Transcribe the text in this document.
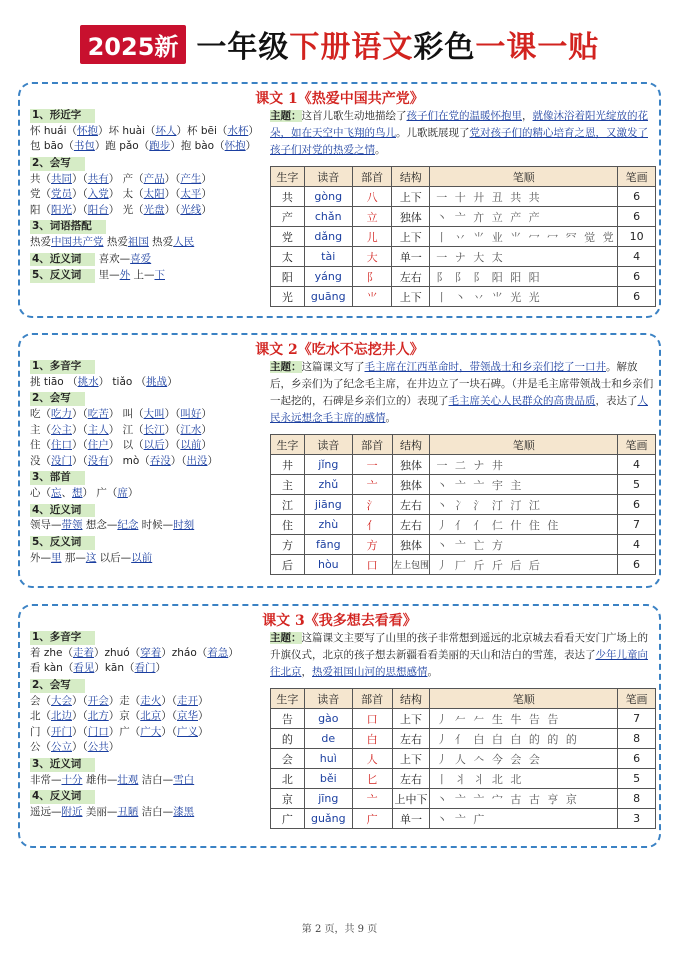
2025新 一年级下册语文彩色一课一贴
课文 1《热爱中国共产党》
1、形近字
怀 huái（怀抱）坏 huài（坏人）杯 bēi（水杯）
包 bāo（书包）跑 pǎo（跑步）抱 bào（怀抱）
2、会写
共（共同）（共有） 产（产品）（产生）
党（党员）（入党） 太（太阳）（太平）
阳（阳光）（阳台） 光（光盘）（光线）
3、词语搭配
热爱中国共产党 热爱祖国 热爱人民
4、近义词 喜欢—喜爱
5、反义词 里—外 上—下
主题：这首儿歌生动地描绘了孩子们在党的温暖怀抱里，就像沐浴着阳光绽放的花朵，如在天空中飞翔的鸟儿。儿歌既展现了党对孩子们的精心培育之恩，又激发了孩子们对党的热爱之情。
生字	读音	部首	结构	笔顺	笔画
共	gòng	八	上下	一 十 廾 丑 共 共	6
产	chǎn	立	独体	丶 亠 亣 立 产 产	6
党	dǎng	儿	上下	丨 丷 ⺌ 业 ⺌ 冖 冖 㓁 觉 党	10
太	tài	大	单一	一 ナ 大 太	4
阳	yáng	阝	左右	阝 阝 阝 阳 阳 阳	6
光	guāng	⺌	上下	丨 丶 丷 ⺌ 光 光	6
课文 2《吃水不忘挖井人》
1、多音字
挑 tiāo （挑水） tiǎo （挑战）
2、会写
吃（吃力）（吃苦） 叫（大叫）（叫好）
主（公主）（主人） 江（长江）（江水）
住（住口）（住户） 以（以后）（以前）
没（没门）（没有） mò（吞没）（出没）
3、部首
心（忘、想） 广（席）
4、近义词
领导—带领 想念—纪念 时候—时刻
5、反义词
外—里 那—这 以后—以前
主题：这篇课文写了毛主席在江西革命时，带领战士和乡亲们挖了一口井。解放后，乡亲们为了纪念毛主席，在井边立了一块石碑。（井是毛主席带领战士和乡亲们一起挖的，石碑是乡亲们立的）表现了毛主席关心人民群众的高贵品质，表达了人民永远想念毛主席的感情。
生字	读音	部首	结构	笔顺	笔画
井	jǐng	一	独体	一 二 ナ 井	4
主	zhǔ	亠	独体	丶 亠 亠 宇 主	5
江	jiāng	氵	左右	丶 冫 氵 汀 汀 江	6
住	zhù	亻	左右	丿 亻 亻 仁 什 住 住	7
方	fāng	方	独体	丶 亠 亡 方	4
后	hòu	口	左上包围	丿 厂 斤 斤 后 后	6
课文 3《我多想去看看》
1、多音字
着 zhe（走着）zhuó（穿着）zháo（着急）
看 kàn（看见）kān（看门）
2、会写
会（大会）（开会）走（走火）（走开）
北（北边）（北方）京（北京）（京华）
门（开门）（门口）广（广大）（广义）
公（公立）（公共）
3、近义词
非常—十分 雄伟—壮观 洁白—雪白
4、反义词
遥远—附近 美丽—丑陋 洁白—漆黑
主题：这篇课文主要写了山里的孩子非常想到遥远的北京城去看看天安门广场上的升旗仪式，北京的孩子想去新疆看看美丽的天山和洁白的雪莲，表达了少年儿童向往北京，热爱祖国山河的思想感情。
生字	读音	部首	结构	笔顺	笔画
告	gào	口	上下	丿 𠂉 𠂉 生 牛 告 告	7
的	de	白	左右	丿 亻 白 白 白 的 的 的	8
会	huì	人	上下	丿 人 𠆢 今 会 会	6
北	běi	匕	左右	丨 丬 丬 北 北	5
京	jīng	亠	上中下	丶 亠 亠 宀 古 古 亨 京	8
广	guǎng	广	单一	丶 亠 广	3
第 2 页，共 9 页
